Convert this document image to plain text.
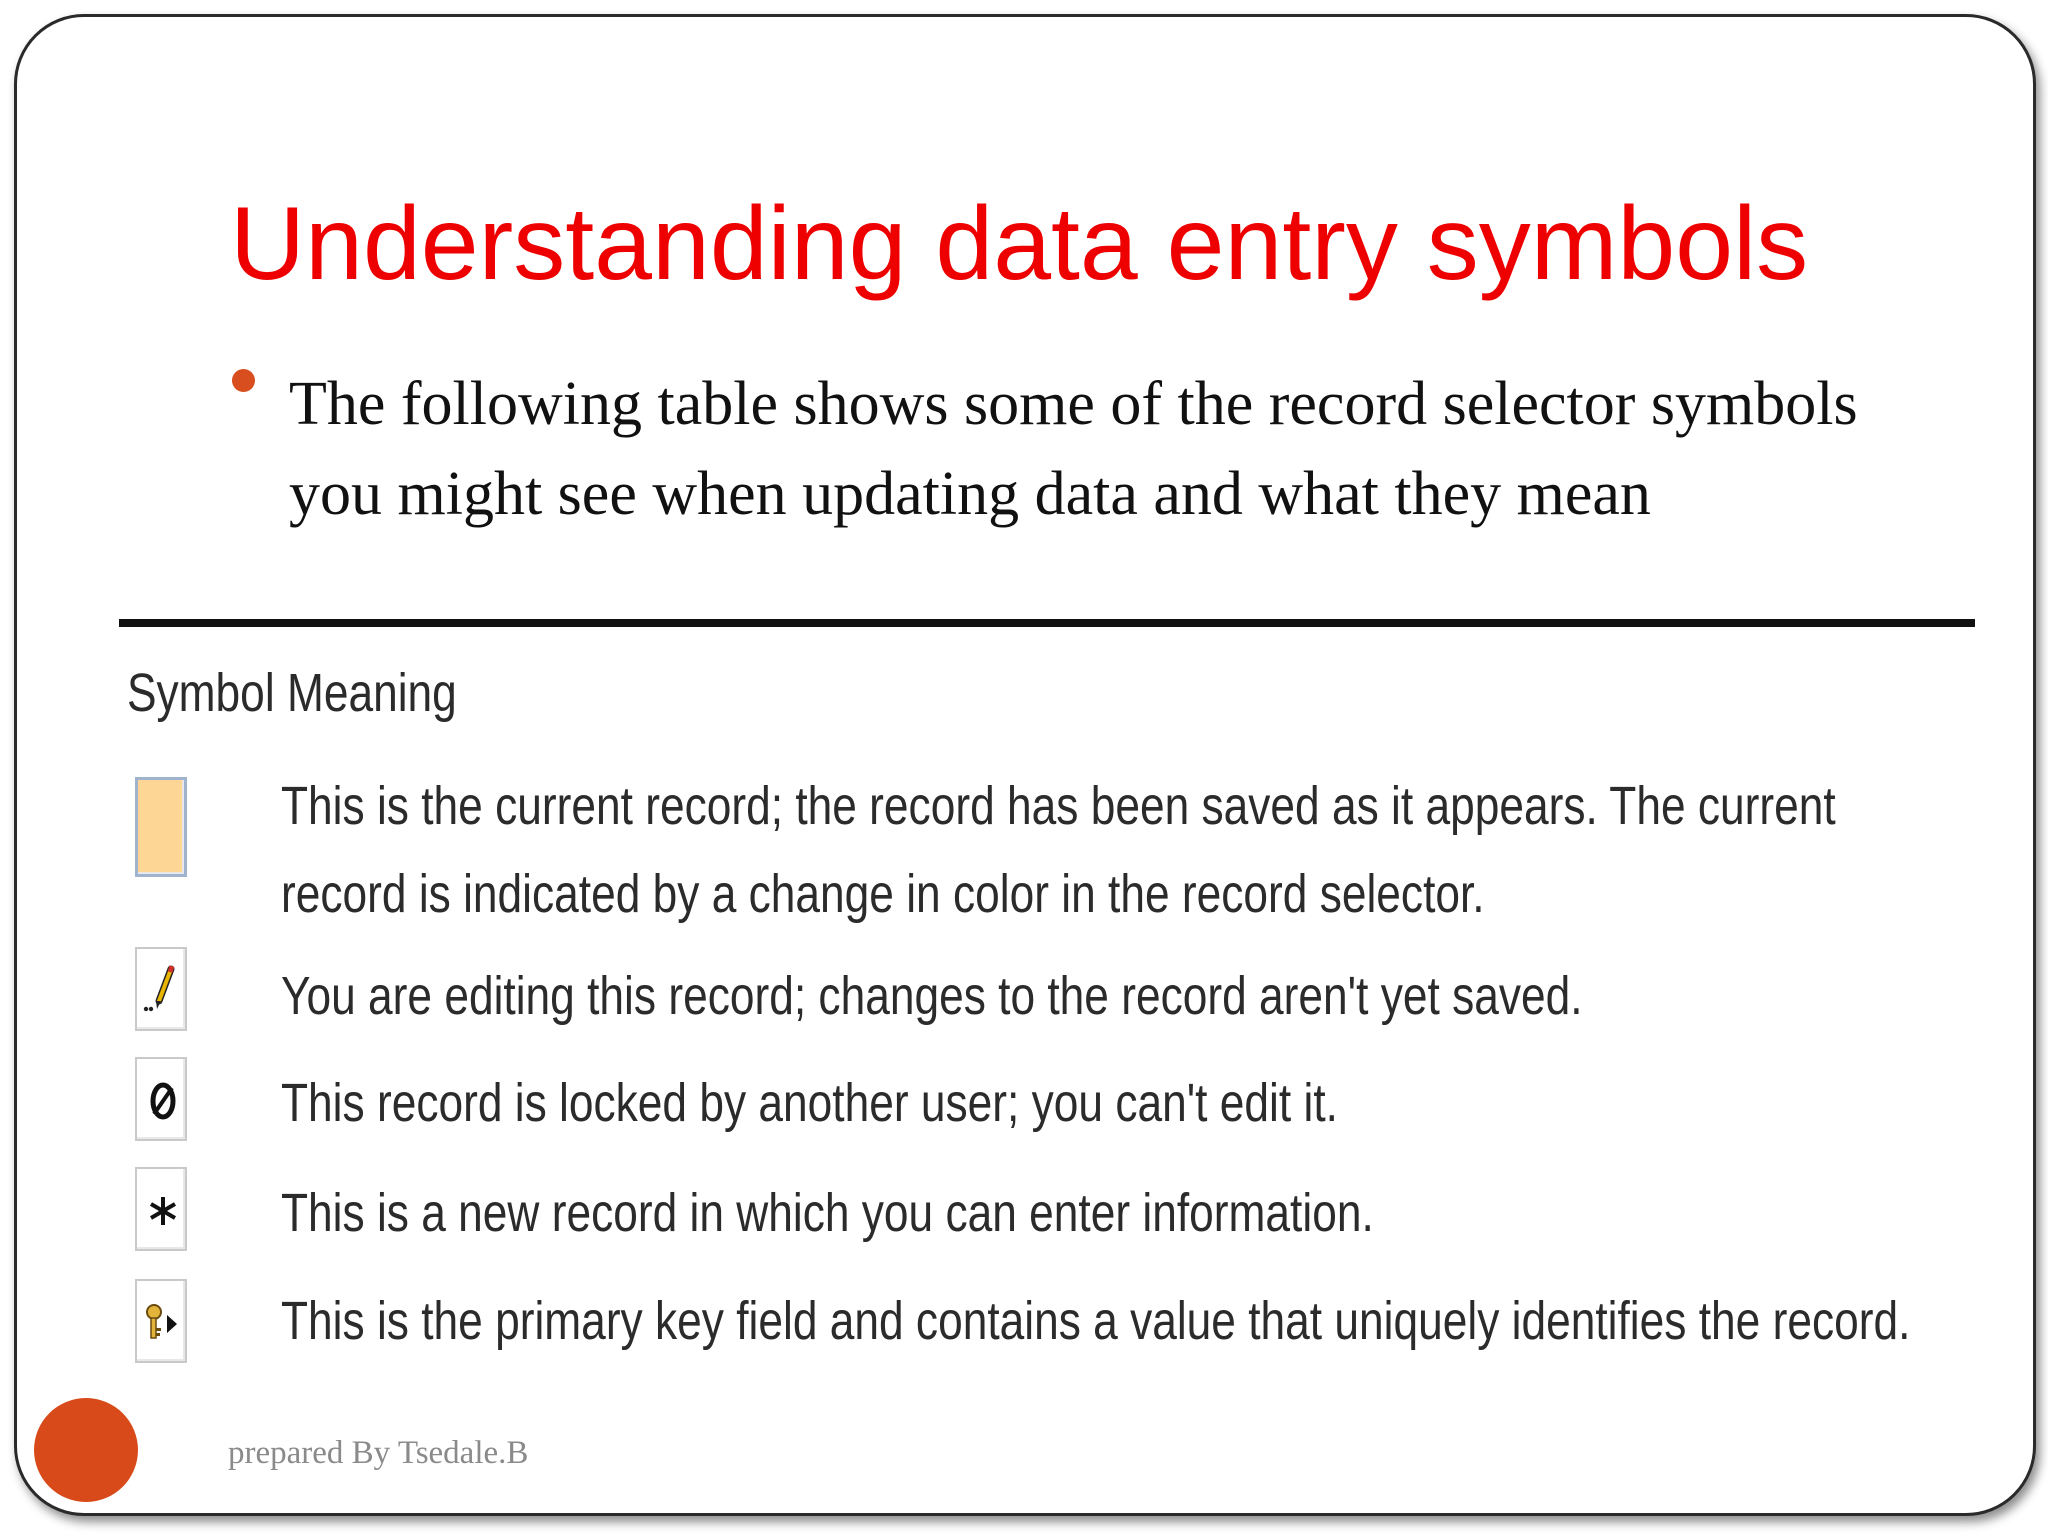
Understanding data entry symbols
The following table shows some of the record selector symbols you might see when updating data and what they mean
Symbol Meaning
This is the current record; the record has been saved as it appears. The current record is indicated by a change in color in the record selector.
You are editing this record; changes to the record aren't yet saved.
This record is locked by another user; you can't edit it.
This is a new record in which you can enter information.
This is the primary key field and contains a value that uniquely identifies the record.
prepared By Tsedale.B
